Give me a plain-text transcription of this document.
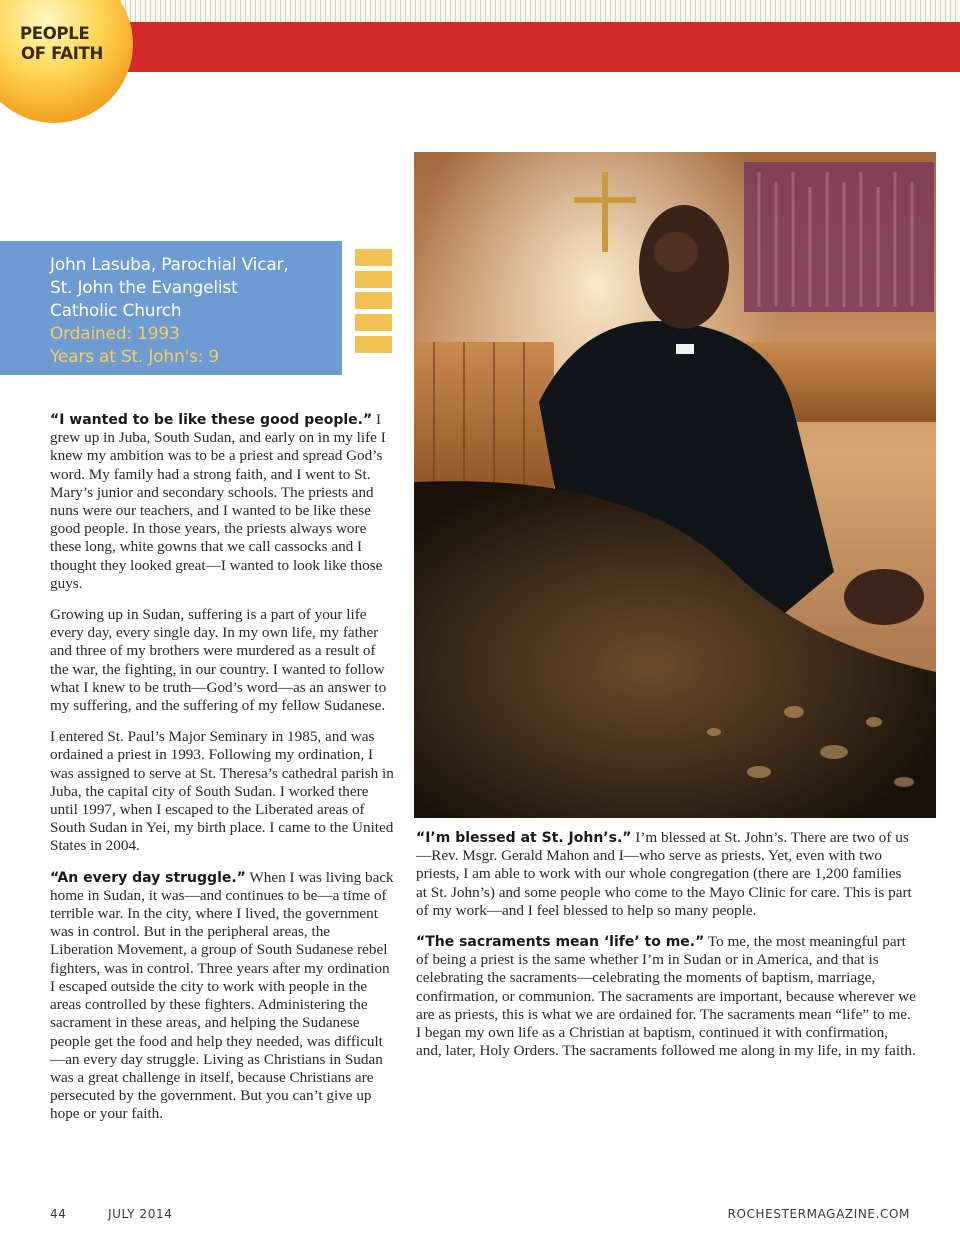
PEOPLE
OF FAITH
John Lasuba, Parochial Vicar,
St. John the Evangelist
Catholic Church
Ordained: 1993
Years at St. John's: 9

“I wanted to be like these good people.” I grew up in Juba, South Sudan, and early on in my life I knew my ambition was to be a priest and spread God’s word. My family had a strong faith, and I went to St. Mary’s junior and secondary schools. The priests and nuns were our teachers, and I wanted to be like these good people. In those years, the priests always wore these long, white gowns that we call cassocks and I thought they looked great—I wanted to look like those guys.

Growing up in Sudan, suffering is a part of your life every day, every single day. In my own life, my father and three of my brothers were murdered as a result of the war, the fighting, in our country. I wanted to follow what I knew to be truth—God’s word—as an answer to my suffering, and the suffering of my fellow Sudanese.

I entered St. Paul’s Major Seminary in 1985, and was ordained a priest in 1993. Following my ordination, I was assigned to serve at St. Theresa’s cathedral parish in Juba, the capital city of South Sudan. I worked there until 1997, when I escaped to the Liberated areas of South Sudan in Yei, my birth place. I came to the United States in 2004.

“An every day struggle.” When I was living back home in Sudan, it was—and continues to be—a time of terrible war. In the city, where I lived, the government was in control. But in the peripheral areas, the Liberation Movement, a group of South Sudanese rebel fighters, was in control. Three years after my ordination I escaped outside the city to work with people in the areas controlled by these fighters. Administering the sacrament in these areas, and helping the Sudanese people get the food and help they needed, was difficult—an every day struggle. Living as Christians in Sudan was a great challenge in itself, because Christians are persecuted by the government. But you can’t give up hope or your faith.

“I’m blessed at St. John’s.” I’m blessed at St. John’s. There are two of us—Rev. Msgr. Gerald Mahon and I—who serve as priests. Yet, even with two priests, I am able to work with our whole congregation (there are 1,200 families at St. John’s) and some people who come to the Mayo Clinic for care. This is part of my work—and I feel blessed to help so many people.

“The sacraments mean ‘life’ to me.” To me, the most meaningful part of being a priest is the same whether I’m in Sudan or in America, and that is celebrating the sacraments—celebrating the moments of baptism, marriage, confirmation, or communion. The sacraments are important, because wherever we are as priests, this is what we are ordained for. The sacraments mean “life” to me. I began my own life as a Christian at baptism, continued it with confirmation, and, later, Holy Orders. The sacraments followed me along in my life, in my faith.

44	JULY 2014	ROCHESTERMAGAZINE.COM
